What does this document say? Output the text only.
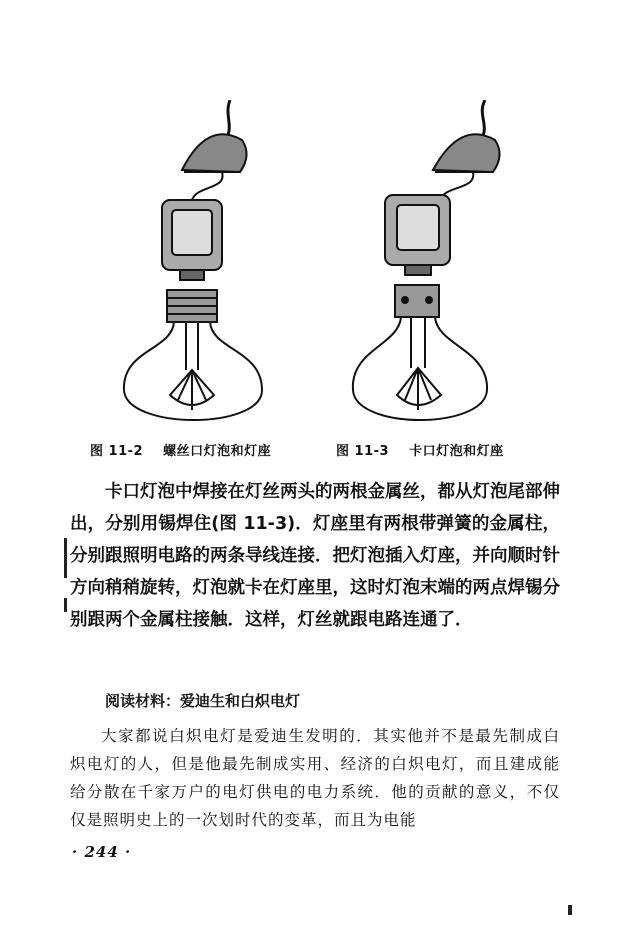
图 11-2 螺丝口灯泡和灯座	图 11-3 卡口灯泡和灯座

卡口灯泡中焊接在灯丝两头的两根金属丝，都从灯泡尾部伸出，分别用锡焊住(图 11-3)．灯座里有两根带弹簧的金属柱，分别跟照明电路的两条导线连接．把灯泡插入灯座，并向顺时针方向稍稍旋转，灯泡就卡在灯座里，这时灯泡末端的两点焊锡分别跟两个金属柱接触．这样，灯丝就跟电路连通了．

阅读材料：爱迪生和白炽电灯

大家都说白炽电灯是爱迪生发明的．其实他并不是最先制成白炽电灯的人，但是他最先制成实用、经济的白炽电灯，而且建成能给分散在千家万户的电灯供电的电力系统．他的贡献的意义，不仅仅是照明史上的一次划时代的变革，而且为电能

· 244 ·
